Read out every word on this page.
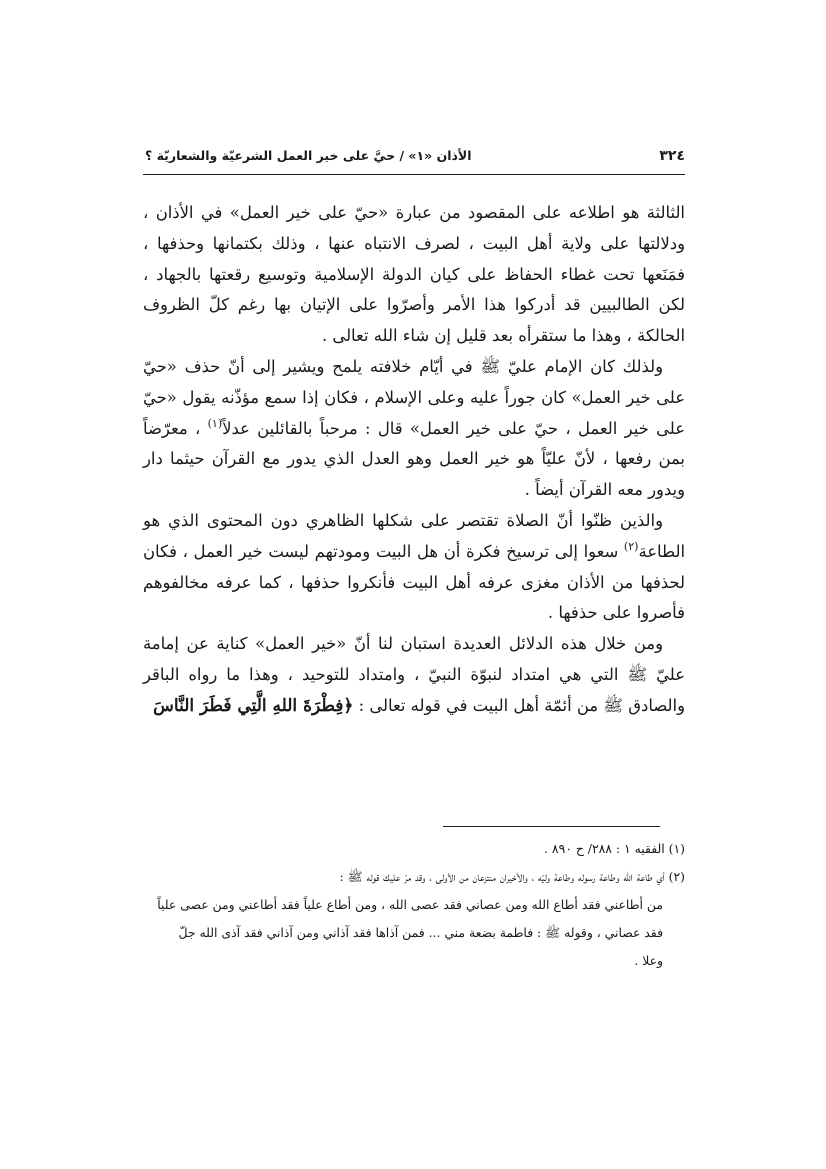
٣٢٤
الأذان «١» / حيَّ على خير العمل الشرعيّة والشعاريّة ؟

الثالثة هو اطلاعه على المقصود من عبارة «حيّ على خير العمل» في الأذان ، ودلالتها على ولاية أهل البيت ، لصرف الانتباه عنها ، وذلك بكتمانها وحذفها ، فمَنَعها تحت غطاء الحفاظ على كيان الدولة الإسلامية وتوسيع رقعتها بالجهاد ، لكن الطالبيين قد أدركوا هذا الأمر وأصرّوا على الإتيان بها رغم كلّ الظروف الحالكة ، وهذا ما ستقرأه بعد قليل إن شاء الله تعالى .

ولذلك كان الإمام عليّ ﷺ في أيّام خلافته يلمح ويشير إلى أنّ حذف «حيّ على خير العمل» كان جوراً عليه وعلى الإسلام ، فكان إذا سمع مؤذّنه يقول «حيّ على خير العمل ، حيّ على خير العمل» قال : مرحباً بالقائلين عدلاً$^{(١)}$ ، معرّضاً بمن رفعها ، لأنّ عليّاً هو خير العمل وهو العدل الذي يدور مع القرآن حيثما دار ويدور معه القرآن أيضاً .

والذين ظنّوا أنّ الصلاة تقتصر على شكلها الظاهري دون المحتوى الذي هو الطاعة$^{(٢)}$ سعوا إلى ترسيخ فكرة أن هل البيت ومودتهم ليست خير العمل ، فكان لحذفها من الأذان مغزى عرفه أهل البيت فأنكروا حذفها ، كما عرفه مخالفوهم فأصروا على حذفها .

ومن خلال هذه الدلائل العديدة استبان لنا أنّ «خير العمل» كناية عن إمامة عليّ ﷺ التي هي امتداد لنبوّة النبيّ ، وامتداد للتوحيد ، وهذا ما رواه الباقر والصادق ﷺ من أئمّة أهل البيت في قوله تعالى : ﴿فِطْرَةَ اللهِ الَّتِي فَطَرَ النَّاسَ

(١) الفقيه ١ : ٢٨٨/ ح ٨٩٠ .

(٢) أي طاعة الله وطاعة رسوله وطاعة وليّه ، والأخيران منتزعان من الأولى ، وقد مرّ عليك قوله ﷺ :

من أطاعني فقد أطاع الله ومن عصاني فقد عصى الله ، ومن أطاع علياً فقد أطاعني ومن عصى علياً

فقد عصاني ، وقوله ﷺ : فاطمة بضعة مني ... فمن آذاها فقد آذاني ومن آذاني فقد آذى الله جلّ

وعلا .
